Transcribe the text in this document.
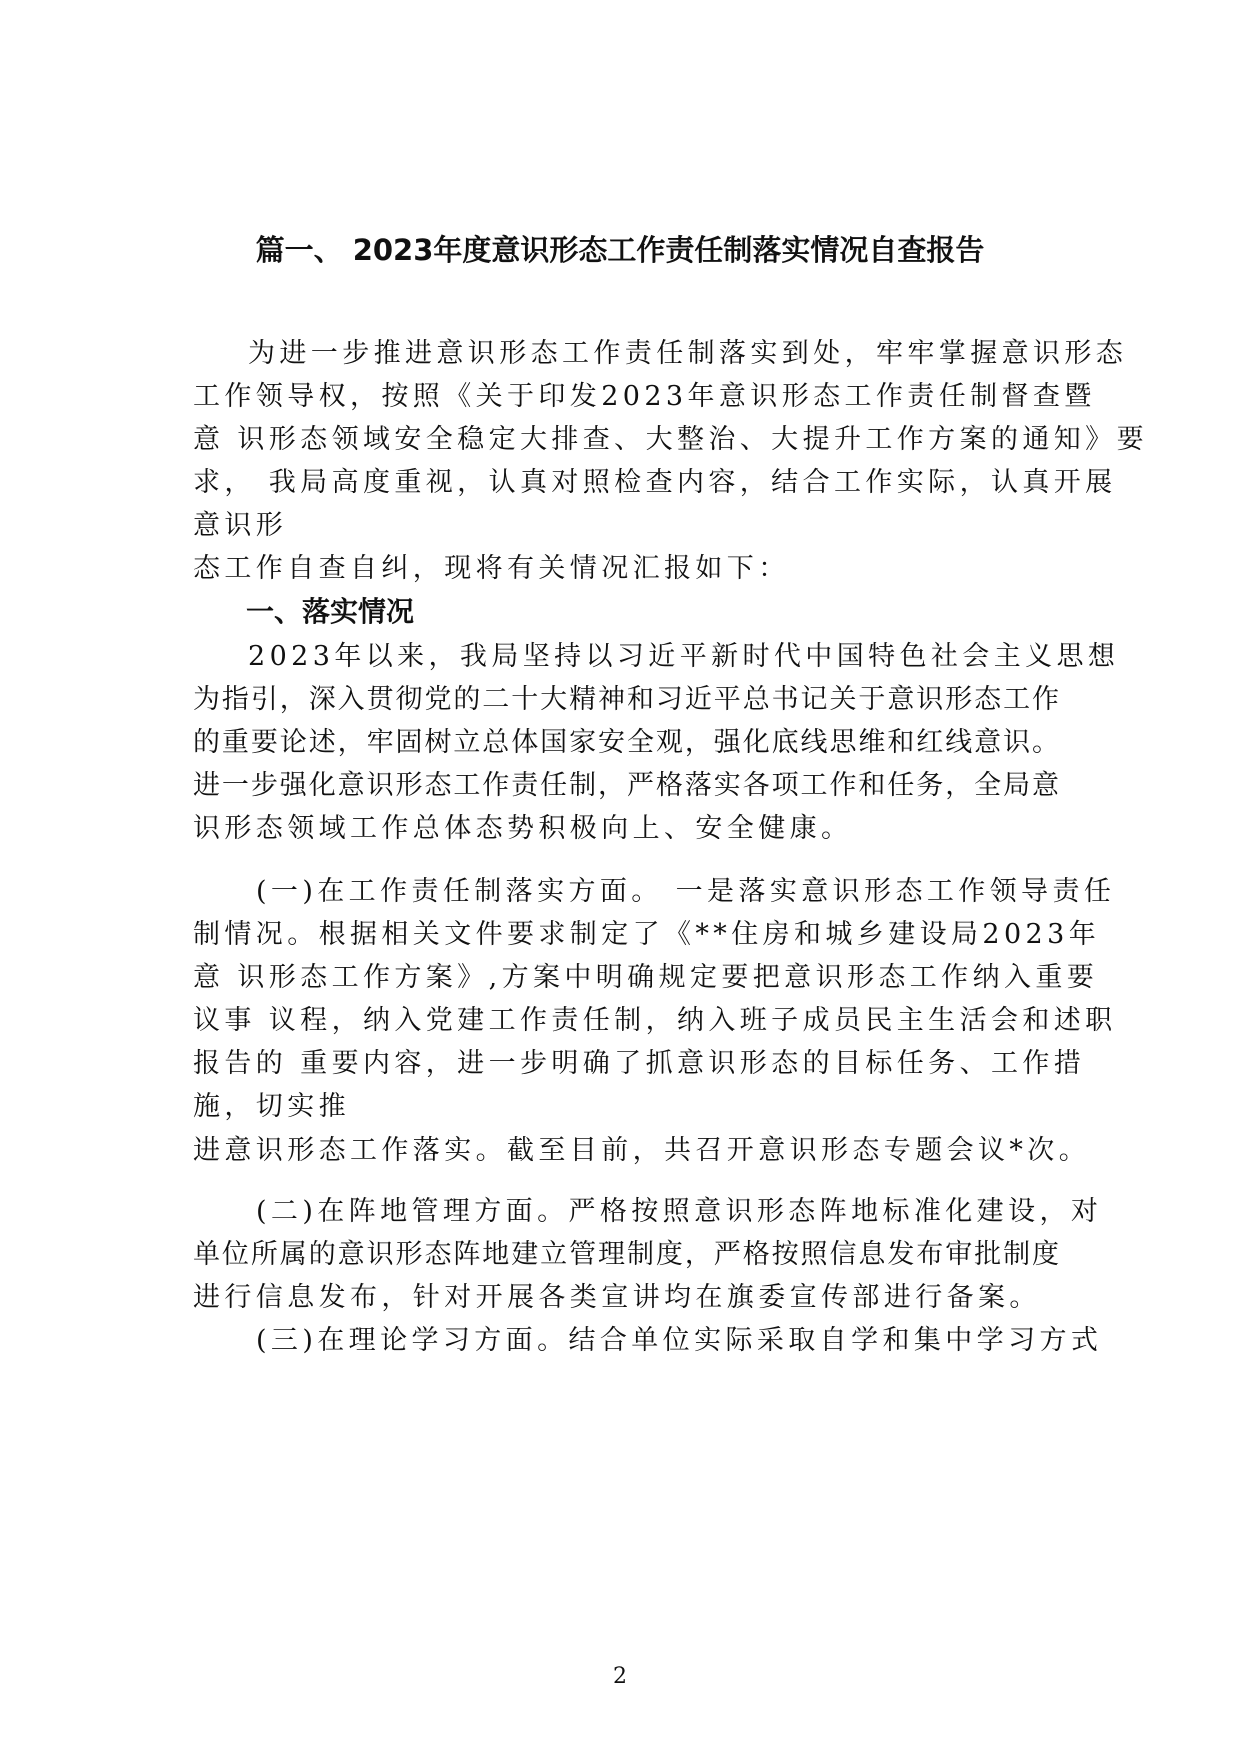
篇一、 2023年度意识形态工作责任制落实情况自查报告
为进一步推进意识形态工作责任制落实到处，牢牢掌握意识形态
工作领导权，按照《关于印发2023年意识形态工作责任制督查暨
意 识形态领域安全稳定大排查、大整治、大提升工作方案的通知》要
求， 我局高度重视，认真对照检查内容，结合工作实际，认真开展
意识形
态工作自查自纠，现将有关情况汇报如下：
一、落实情况
2023年以来，我局坚持以习近平新时代中国特色社会主义思想
为指引，深入贯彻党的二十大精神和习近平总书记关于意识形态工作
的重要论述，牢固树立总体国家安全观，强化底线思维和红线意识。
进一步强化意识形态工作责任制，严格落实各项工作和任务，全局意
识形态领域工作总体态势积极向上、安全健康。
(一)在工作责任制落实方面。 一是落实意识形态工作领导责任
制情况。根据相关文件要求制定了《**住房和城乡建设局2023年
意 识形态工作方案》,方案中明确规定要把意识形态工作纳入重要
议事 议程，纳入党建工作责任制，纳入班子成员民主生活会和述职
报告的 重要内容，进一步明确了抓意识形态的目标任务、工作措
施，切实推
进意识形态工作落实。截至目前，共召开意识形态专题会议*次。
(二)在阵地管理方面。严格按照意识形态阵地标准化建设，对
单位所属的意识形态阵地建立管理制度，严格按照信息发布审批制度
进行信息发布，针对开展各类宣讲均在旗委宣传部进行备案。
(三)在理论学习方面。结合单位实际采取自学和集中学习方式
2
